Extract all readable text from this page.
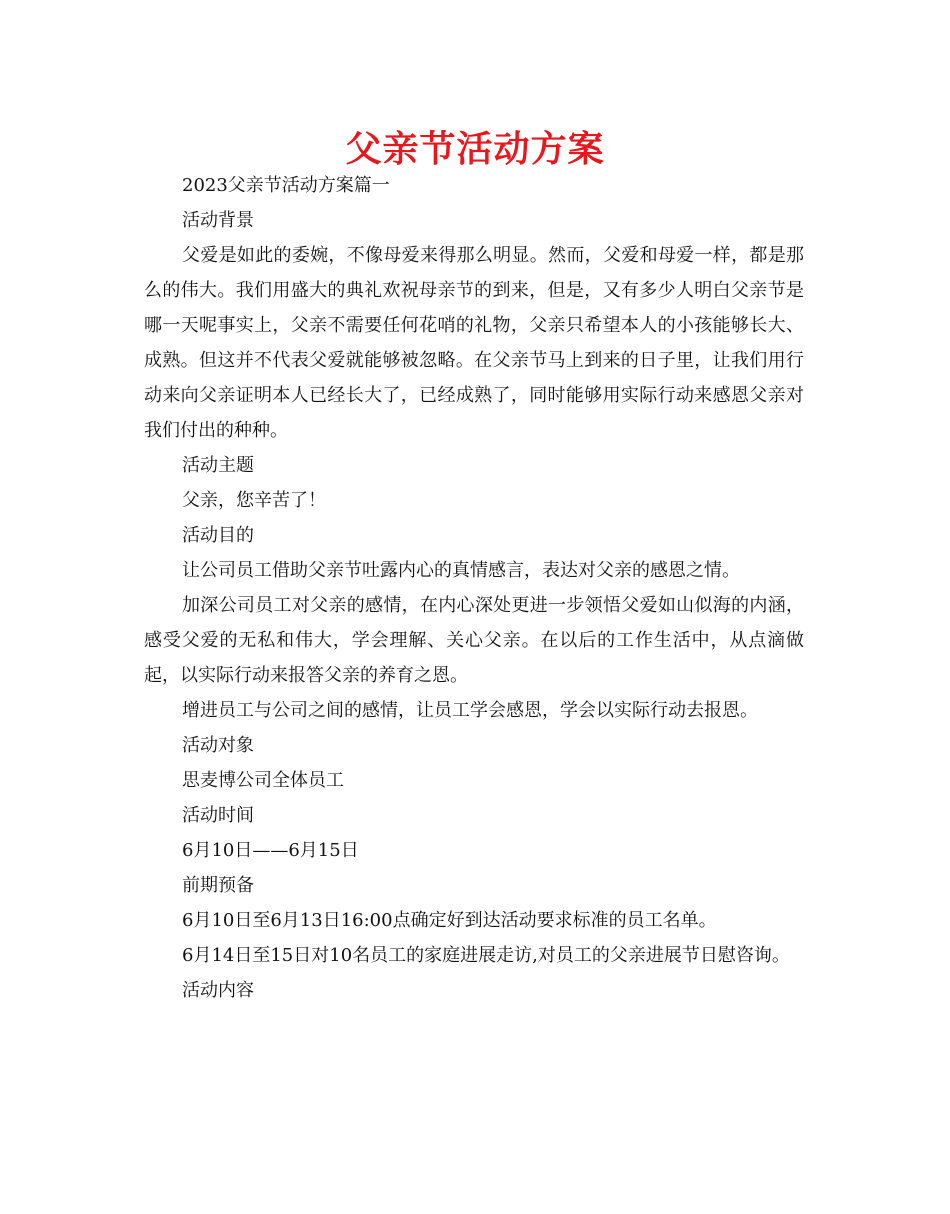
父亲节活动方案

2023父亲节活动方案篇一

活动背景

父爱是如此的委婉，不像母爱来得那么明显。然而，父爱和母爱一样，都是那么的伟大。我们用盛大的典礼欢祝母亲节的到来，但是，又有多少人明白父亲节是哪一天呢事实上，父亲不需要任何花哨的礼物，父亲只希望本人的小孩能够长大、成熟。但这并不代表父爱就能够被忽略。在父亲节马上到来的日子里，让我们用行动来向父亲证明本人已经长大了，已经成熟了，同时能够用实际行动来感恩父亲对我们付出的种种。

活动主题

父亲，您辛苦了！

活动目的

让公司员工借助父亲节吐露内心的真情感言，表达对父亲的感恩之情。

加深公司员工对父亲的感情，在内心深处更进一步领悟父爱如山似海的内涵，感受父爱的无私和伟大，学会理解、关心父亲。在以后的工作生活中，从点滴做起，以实际行动来报答父亲的养育之恩。

增进员工与公司之间的感情，让员工学会感恩，学会以实际行动去报恩。

活动对象

思麦博公司全体员工

活动时间

6月10日——6月15日

前期预备

6月10日至6月13日16:00点确定好到达活动要求标准的员工名单。

6月14日至15日对10名员工的家庭进展走访,对员工的父亲进展节日慰咨询。

活动内容
